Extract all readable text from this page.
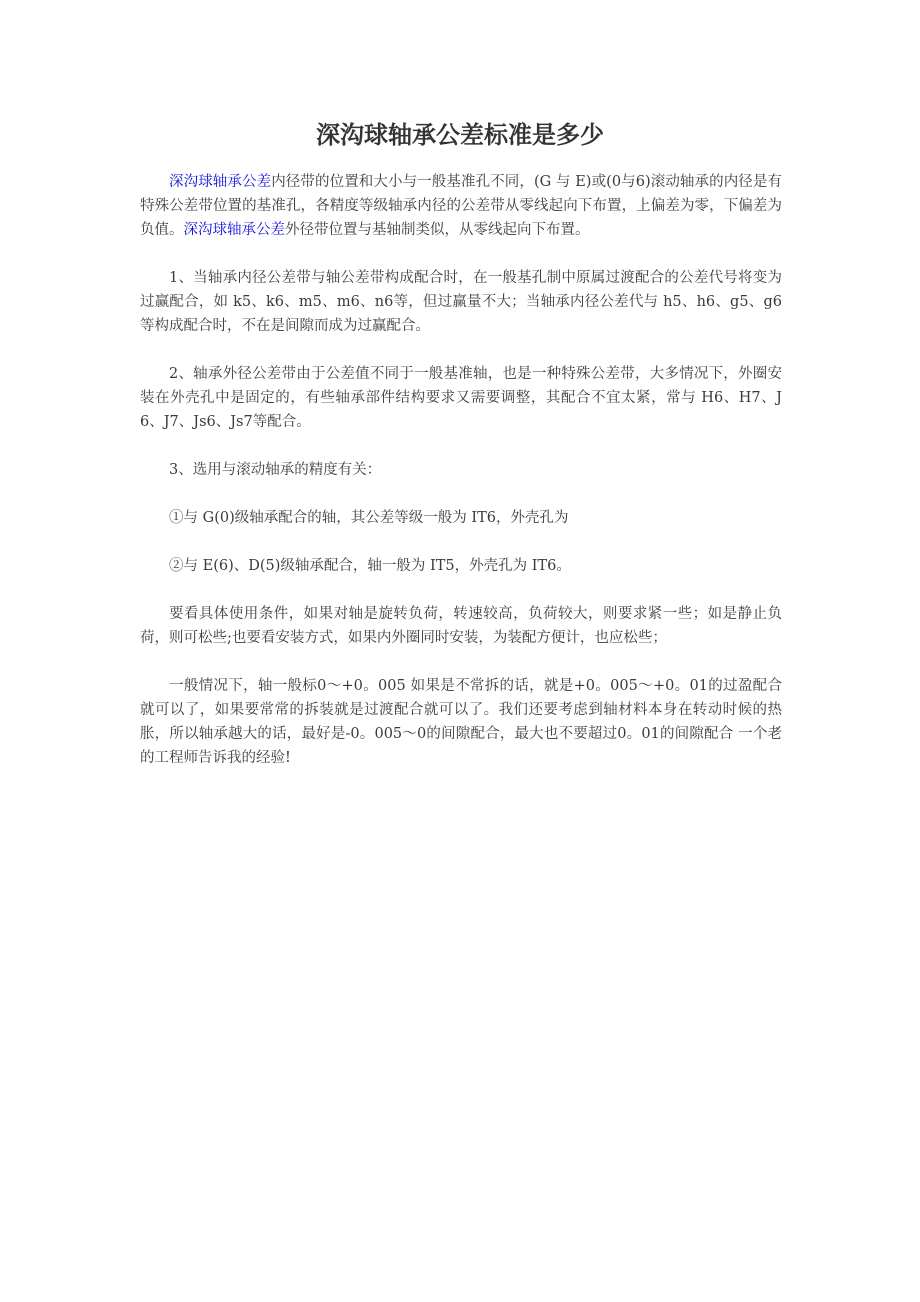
深沟球轴承公差标准是多少

深沟球轴承公差内径带的位置和大小与一般基准孔不同，(G 与 E)或(0与6)滚动轴承的内径是有特殊公差带位置的基准孔，各精度等级轴承内径的公差带从零线起向下布置，上偏差为零，下偏差为负值。深沟球轴承公差外径带位置与基轴制类似，从零线起向下布置。

1、当轴承内径公差带与轴公差带构成配合时，在一般基孔制中原属过渡配合的公差代号将变为过赢配合，如 k5、k6、m5、m6、n6等，但过赢量不大；当轴承内径公差代与 h5、h6、g5、g6等构成配合时，不在是间隙而成为过赢配合。

2、轴承外径公差带由于公差值不同于一般基准轴，也是一种特殊公差带，大多情况下，外圈安装在外壳孔中是固定的，有些轴承部件结构要求又需要调整，其配合不宜太紧，常与 H6、H7、J6、J7、Js6、Js7等配合。

3、选用与滚动轴承的精度有关：

①与 G(0)级轴承配合的轴，其公差等级一般为 IT6，外壳孔为

②与 E(6)、D(5)级轴承配合，轴一般为 IT5，外壳孔为 IT6。

要看具体使用条件，如果对轴是旋转负荷，转速较高，负荷较大，则要求紧一些；如是静止负荷，则可松些;也要看安装方式，如果内外圈同时安装，为装配方便计，也应松些；

一般情况下，轴一般标0～+0。005 如果是不常拆的话，就是+0。005～+0。01的过盈配合就可以了，如果要常常的拆装就是过渡配合就可以了。我们还要考虑到轴材料本身在转动时候的热胀，所以轴承越大的话，最好是-0。005～0的间隙配合，最大也不要超过0。01的间隙配合 一个老的工程师告诉我的经验!
